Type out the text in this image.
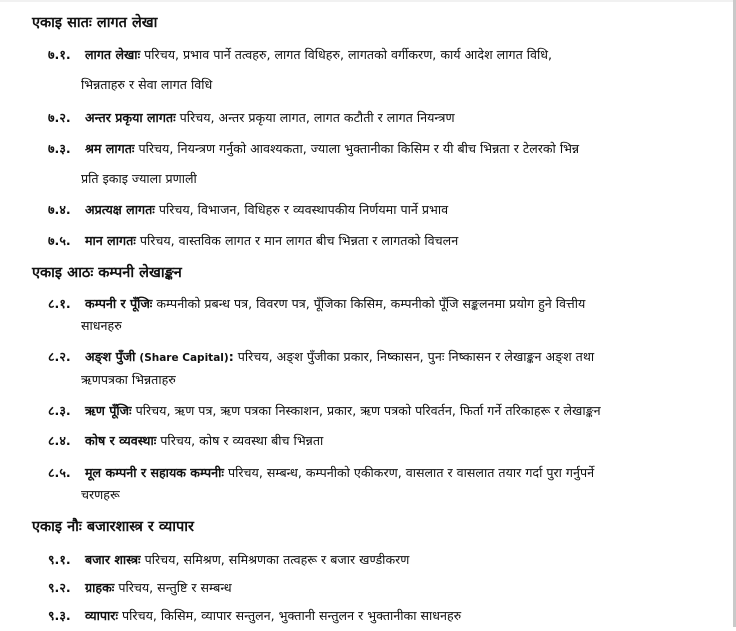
एकाइ सातः लागत लेखा
७.१. लागत लेखाः परिचय, प्रभाव पार्ने तत्वहरु, लागत विधिहरु, लागतको वर्गीकरण, कार्य आदेश लागत विधि,
भिन्नताहरु र सेवा लागत विधि
७.२. अन्तर प्रकृया लागतः परिचय, अन्तर प्रकृया लागत, लागत कटौती र लागत नियन्त्रण
७.३. श्रम लागतः परिचय, नियन्त्रण गर्नुको आवश्यकता, ज्याला भुक्तानीका किसिम र यी बीच भिन्नता र टेलरको भिन्न
प्रति इकाइ ज्याला प्रणाली
७.४. अप्रत्यक्ष लागतः परिचय, विभाजन, विधिहरु र व्यवस्थापकीय निर्णयमा पार्ने प्रभाव
७.५. मान लागतः परिचय, वास्तविक लागत र मान लागत बीच भिन्नता र लागतको विचलन
एकाइ आठः कम्पनी लेखाङ्कन
८.१. कम्पनी र पूँजिः कम्पनीको प्रबन्ध पत्र, विवरण पत्र, पूँजिका किसिम, कम्पनीको पूँजि सङ्कलनमा प्रयोग हुने वित्तीय
साधनहरु
८.२. अङ्श पुँजी (Share Capital): परिचय, अङ्श पुँजीका प्रकार, निष्कासन, पुनः निष्कासन र लेखाङ्कन अङ्श तथा
ऋणपत्रका भिन्नताहरु
८.३. ऋण पूँजिः परिचय, ऋण पत्र, ऋण पत्रका निस्काशन, प्रकार, ऋण पत्रको परिवर्तन, फिर्ता गर्ने तरिकाहरू र लेखाङ्कन
८.४. कोष र व्यवस्थाः परिचय, कोष र व्यवस्था बीच भिन्नता
८.५. मूल कम्पनी र सहायक कम्पनीः परिचय, सम्बन्ध, कम्पनीको एकीकरण, वासलात र वासलात तयार गर्दा पुरा गर्नुपर्ने
चरणहरू
एकाइ नौः बजारशास्त्र र व्यापार
९.१. बजार शास्त्रः परिचय, समिश्रण, समिश्रणका तत्वहरू र बजार खण्डीकरण
९.२. ग्राहकः परिचय, सन्तुष्टि र सम्बन्ध
९.३. व्यापारः परिचय, किसिम, व्यापार सन्तुलन, भुक्तानी सन्तुलन र भुक्तानीका साधनहरु
